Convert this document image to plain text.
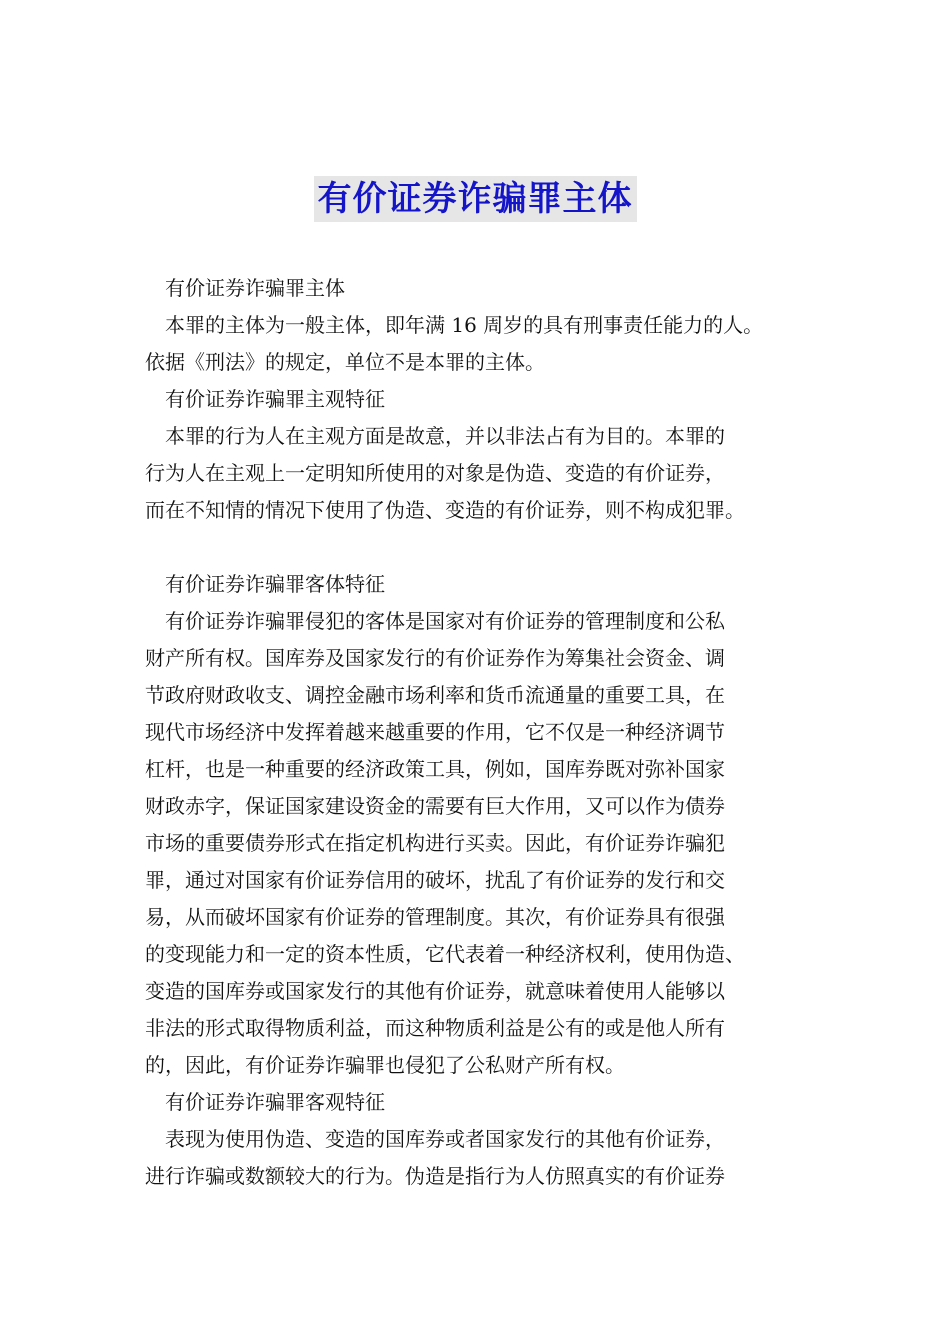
有价证券诈骗罪主体
有价证券诈骗罪主体
本罪的主体为一般主体，即年满 16 周岁的具有刑事责任能力的人。
依据《刑法》的规定，单位不是本罪的主体。
有价证券诈骗罪主观特征
本罪的行为人在主观方面是故意，并以非法占有为目的。本罪的
行为人在主观上一定明知所使用的对象是伪造、变造的有价证券，
而在不知情的情况下使用了伪造、变造的有价证券，则不构成犯罪。
有价证券诈骗罪客体特征
有价证券诈骗罪侵犯的客体是国家对有价证券的管理制度和公私
财产所有权。国库券及国家发行的有价证券作为筹集社会资金、调
节政府财政收支、调控金融市场利率和货币流通量的重要工具，在
现代市场经济中发挥着越来越重要的作用，它不仅是一种经济调节
杠杆，也是一种重要的经济政策工具，例如，国库券既对弥补国家
财政赤字，保证国家建设资金的需要有巨大作用，又可以作为债券
市场的重要债券形式在指定机构进行买卖。因此，有价证券诈骗犯
罪，通过对国家有价证券信用的破坏，扰乱了有价证券的发行和交
易，从而破坏国家有价证券的管理制度。其次，有价证券具有很强
的变现能力和一定的资本性质，它代表着一种经济权利，使用伪造、
变造的国库券或国家发行的其他有价证券，就意味着使用人能够以
非法的形式取得物质利益，而这种物质利益是公有的或是他人所有
的，因此，有价证券诈骗罪也侵犯了公私财产所有权。
有价证券诈骗罪客观特征
表现为使用伪造、变造的国库券或者国家发行的其他有价证券，
进行诈骗或数额较大的行为。伪造是指行为人仿照真实的有价证券
